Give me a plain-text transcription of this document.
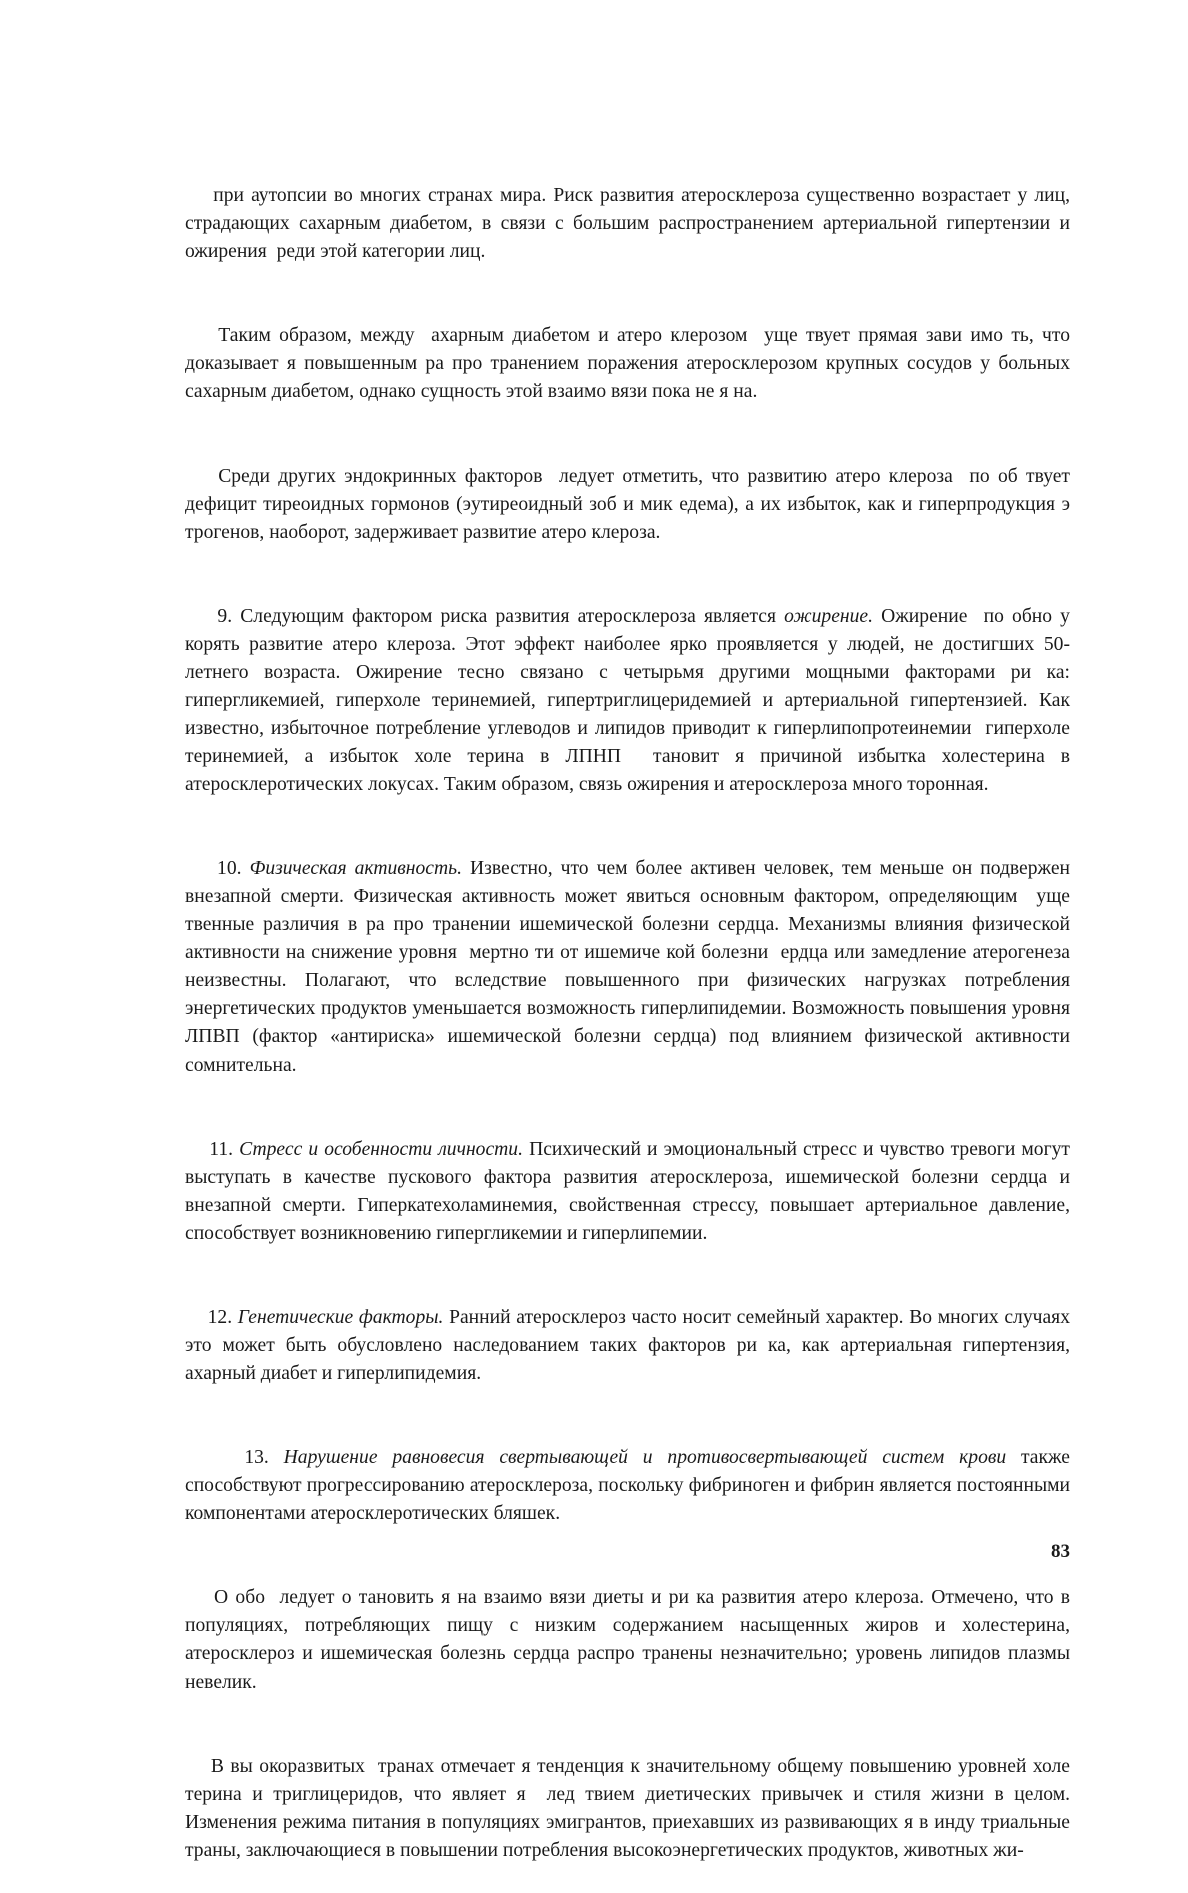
при аутопсии во многих странах мира. Риск развития атеросклероза существенно возрастает у лиц, страдающих сахарным диабетом, в связи с большим распространением артериальной гипертензии и ожирения  реди этой категории лиц.

Таким образом, между  ахарным диабетом и атеро клерозом  уще твует прямая зави имо ть, что доказывает я повышенным ра про транением поражения атеросклерозом крупных сосудов у больных сахарным диабетом, однако сущность этой взаимо вязи пока не я на.

Среди других эндокринных факторов  ледует отметить, что развитию атеро клероза  по об твует дефицит тиреоидных гормонов (эутиреоидный зоб и мик едема), а их избыток, как и гиперпродукция э трогенов, наоборот, задерживает развитие атеро клероза.

9. Следующим фактором риска развития атеросклероза является ожирение. Ожирение  по обно у корять развитие атеро клероза. Этот эффект наиболее ярко проявляется у людей, не достигших 50-летнего возраста. Ожирение тесно связано с четырьмя другими мощными факторами ри ка: гипергликемией, гиперхоле теринемией, гипертриглицеридемией и артериальной гипертензией. Как известно, избыточное потребление углеводов и липидов приводит к гиперлипопротеинемии  гиперхоле теринемией, а избыток холе терина в ЛПНП  тановит я причиной избытка холестерина в атеросклеротических локусах. Таким образом, связь ожирения и атеросклероза много торонная.

10. Физическая активность. Известно, что чем более активен человек, тем меньше он подвержен внезапной смерти. Физическая активность может явиться основным фактором, определяющим  уще твенные различия в ра про транении ишемической болезни сердца. Механизмы влияния физической активности на снижение уровня  мертно ти от ишемиче кой болезни  ердца или замедление атерогенеза неизвестны. Полагают, что вследствие повышенного при физических нагрузках потребления энергетических продуктов уменьшается возможность гиперлипидемии. Возможность повышения уровня ЛПВП (фактор «антириска» ишемической болезни сердца) под влиянием физической активности сомнительна.

11. Стресс и особенности личности. Психический и эмоциональный стресс и чувство тревоги могут выступать в качестве пускового фактора развития атеросклероза, ишемической болезни сердца и внезапной смерти. Гиперкатехоламинемия, свойственная стрессу, повышает артериальное давление, способствует возникновению гипергликемии и гиперлипемии.

12. Генетические факторы. Ранний атеросклероз часто носит семейный характер. Во многих случаях это может быть обусловлено наследованием таких факторов ри ка, как артериальная гипертензия,  ахарный диабет и гиперлипидемия.

13. Нарушение равновесия свертывающей и противосвертывающей систем крови также способствуют прогрессированию атеросклероза, поскольку фибриноген и фибрин является постоянными компонентами атеросклеротических бляшек.

О обо  ледует о тановить я на взаимо вязи диеты и ри ка развития атеро клероза. Отмечено, что в популяциях, потребляющих пищу с низким содержанием насыщенных жиров и холестерина, атеросклероз и ишемическая болезнь сердца распро транены незначительно; уровень липидов плазмы невелик.

В вы окоразвитых  транах отмечает я тенденция к значительному общему повышению уровней холе терина и триглицеридов, что являет я  лед твием диетических привычек и стиля жизни в целом. Изменения режима питания в популяциях эмигрантов, приехавших из развивающих я в инду триальные  траны, заключающиеся в повышении потребления высокоэнергетических продуктов, животных жи-

83
